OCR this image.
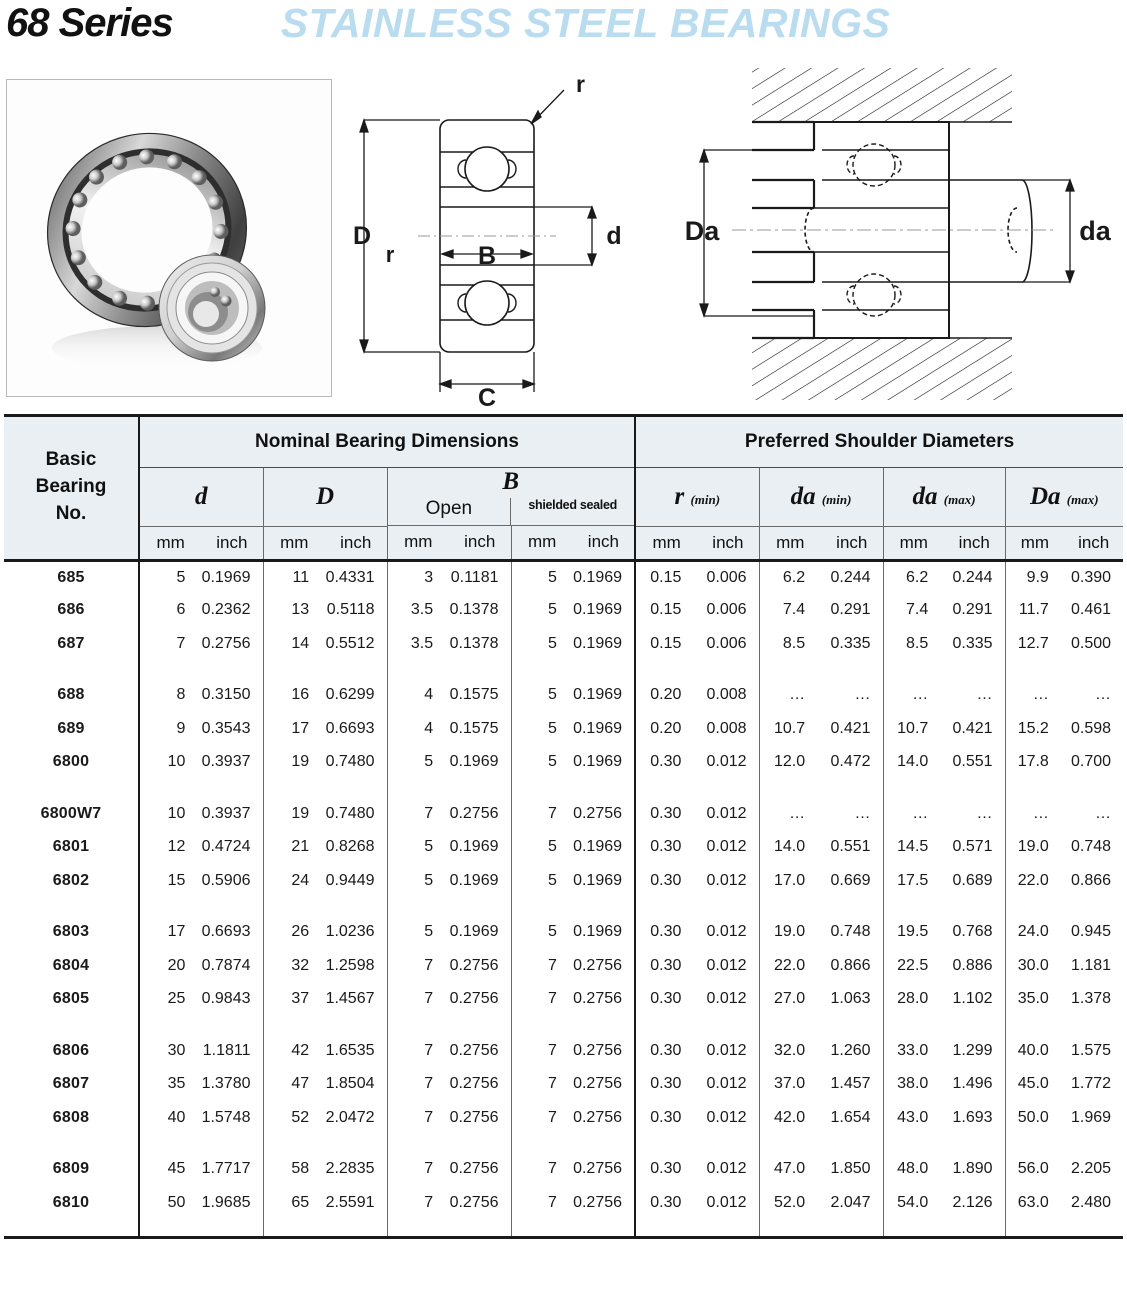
68 Series	STAINLESS STEEL BEARINGS
D
r
d
B
C
r
Da	da
Basic
Bearing
No.	Nominal Bearing Dimensions				Preferred Shoulder Diameters			
	d	D	B
Open shielded sealed		r (min)	da (min)	da (max)	Da (max)

	mm inch	mm inch	mm inch	mm inch	mm inch	mm inch	mm inch	mm inch

685	5 0.1969	11 0.4331	3 0.1181	5 0.1969	0.15 0.006	6.2 0.244	6.2 0.244	9.9 0.390

686	6 0.2362	13 0.5118	3.5 0.1378	5 0.1969	0.15 0.006	7.4 0.291	7.4 0.291	11.7 0.461

687	7 0.2756	14 0.5512	3.5 0.1378	5 0.1969	0.15 0.006	8.5 0.335	8.5 0.335	12.7 0.500

688	8 0.3150	16 0.6299	4 0.1575	5 0.1969	0.20 0.008	… …	… …	… …

689	9 0.3543	17 0.6693	4 0.1575	5 0.1969	0.20 0.008	10.7 0.421	10.7 0.421	15.2 0.598

6800	10 0.3937	19 0.7480	5 0.1969	5 0.1969	0.30 0.012	12.0 0.472	14.0 0.551	17.8 0.700

6800W7	10 0.3937	19 0.7480	7 0.2756	7 0.2756	0.30 0.012	… …	… …	… …

6801	12 0.4724	21 0.8268	5 0.1969	5 0.1969	0.30 0.012	14.0 0.551	14.5 0.571	19.0 0.748

6802	15 0.5906	24 0.9449	5 0.1969	5 0.1969	0.30 0.012	17.0 0.669	17.5 0.689	22.0 0.866

6803	17 0.6693	26 1.0236	5 0.1969	5 0.1969	0.30 0.012	19.0 0.748	19.5 0.768	24.0 0.945

6804	20 0.7874	32 1.2598	7 0.2756	7 0.2756	0.30 0.012	22.0 0.866	22.5 0.886	30.0 1.181

6805	25 0.9843	37 1.4567	7 0.2756	7 0.2756	0.30 0.012	27.0 1.063	28.0 1.102	35.0 1.378

6806	30 1.1811	42 1.6535	7 0.2756	7 0.2756	0.30 0.012	32.0 1.260	33.0 1.299	40.0 1.575

6807	35 1.3780	47 1.8504	7 0.2756	7 0.2756	0.30 0.012	37.0 1.457	38.0 1.496	45.0 1.772

6808	40 1.5748	52 2.0472	7 0.2756	7 0.2756	0.30 0.012	42.0 1.654	43.0 1.693	50.0 1.969

6809	45 1.7717	58 2.2835	7 0.2756	7 0.2756	0.30 0.012	47.0 1.850	48.0 1.890	56.0 2.205

6810	50 1.9685	65 2.5591	7 0.2756	7 0.2756	0.30 0.012	52.0 2.047	54.0 2.126	63.0 2.480
